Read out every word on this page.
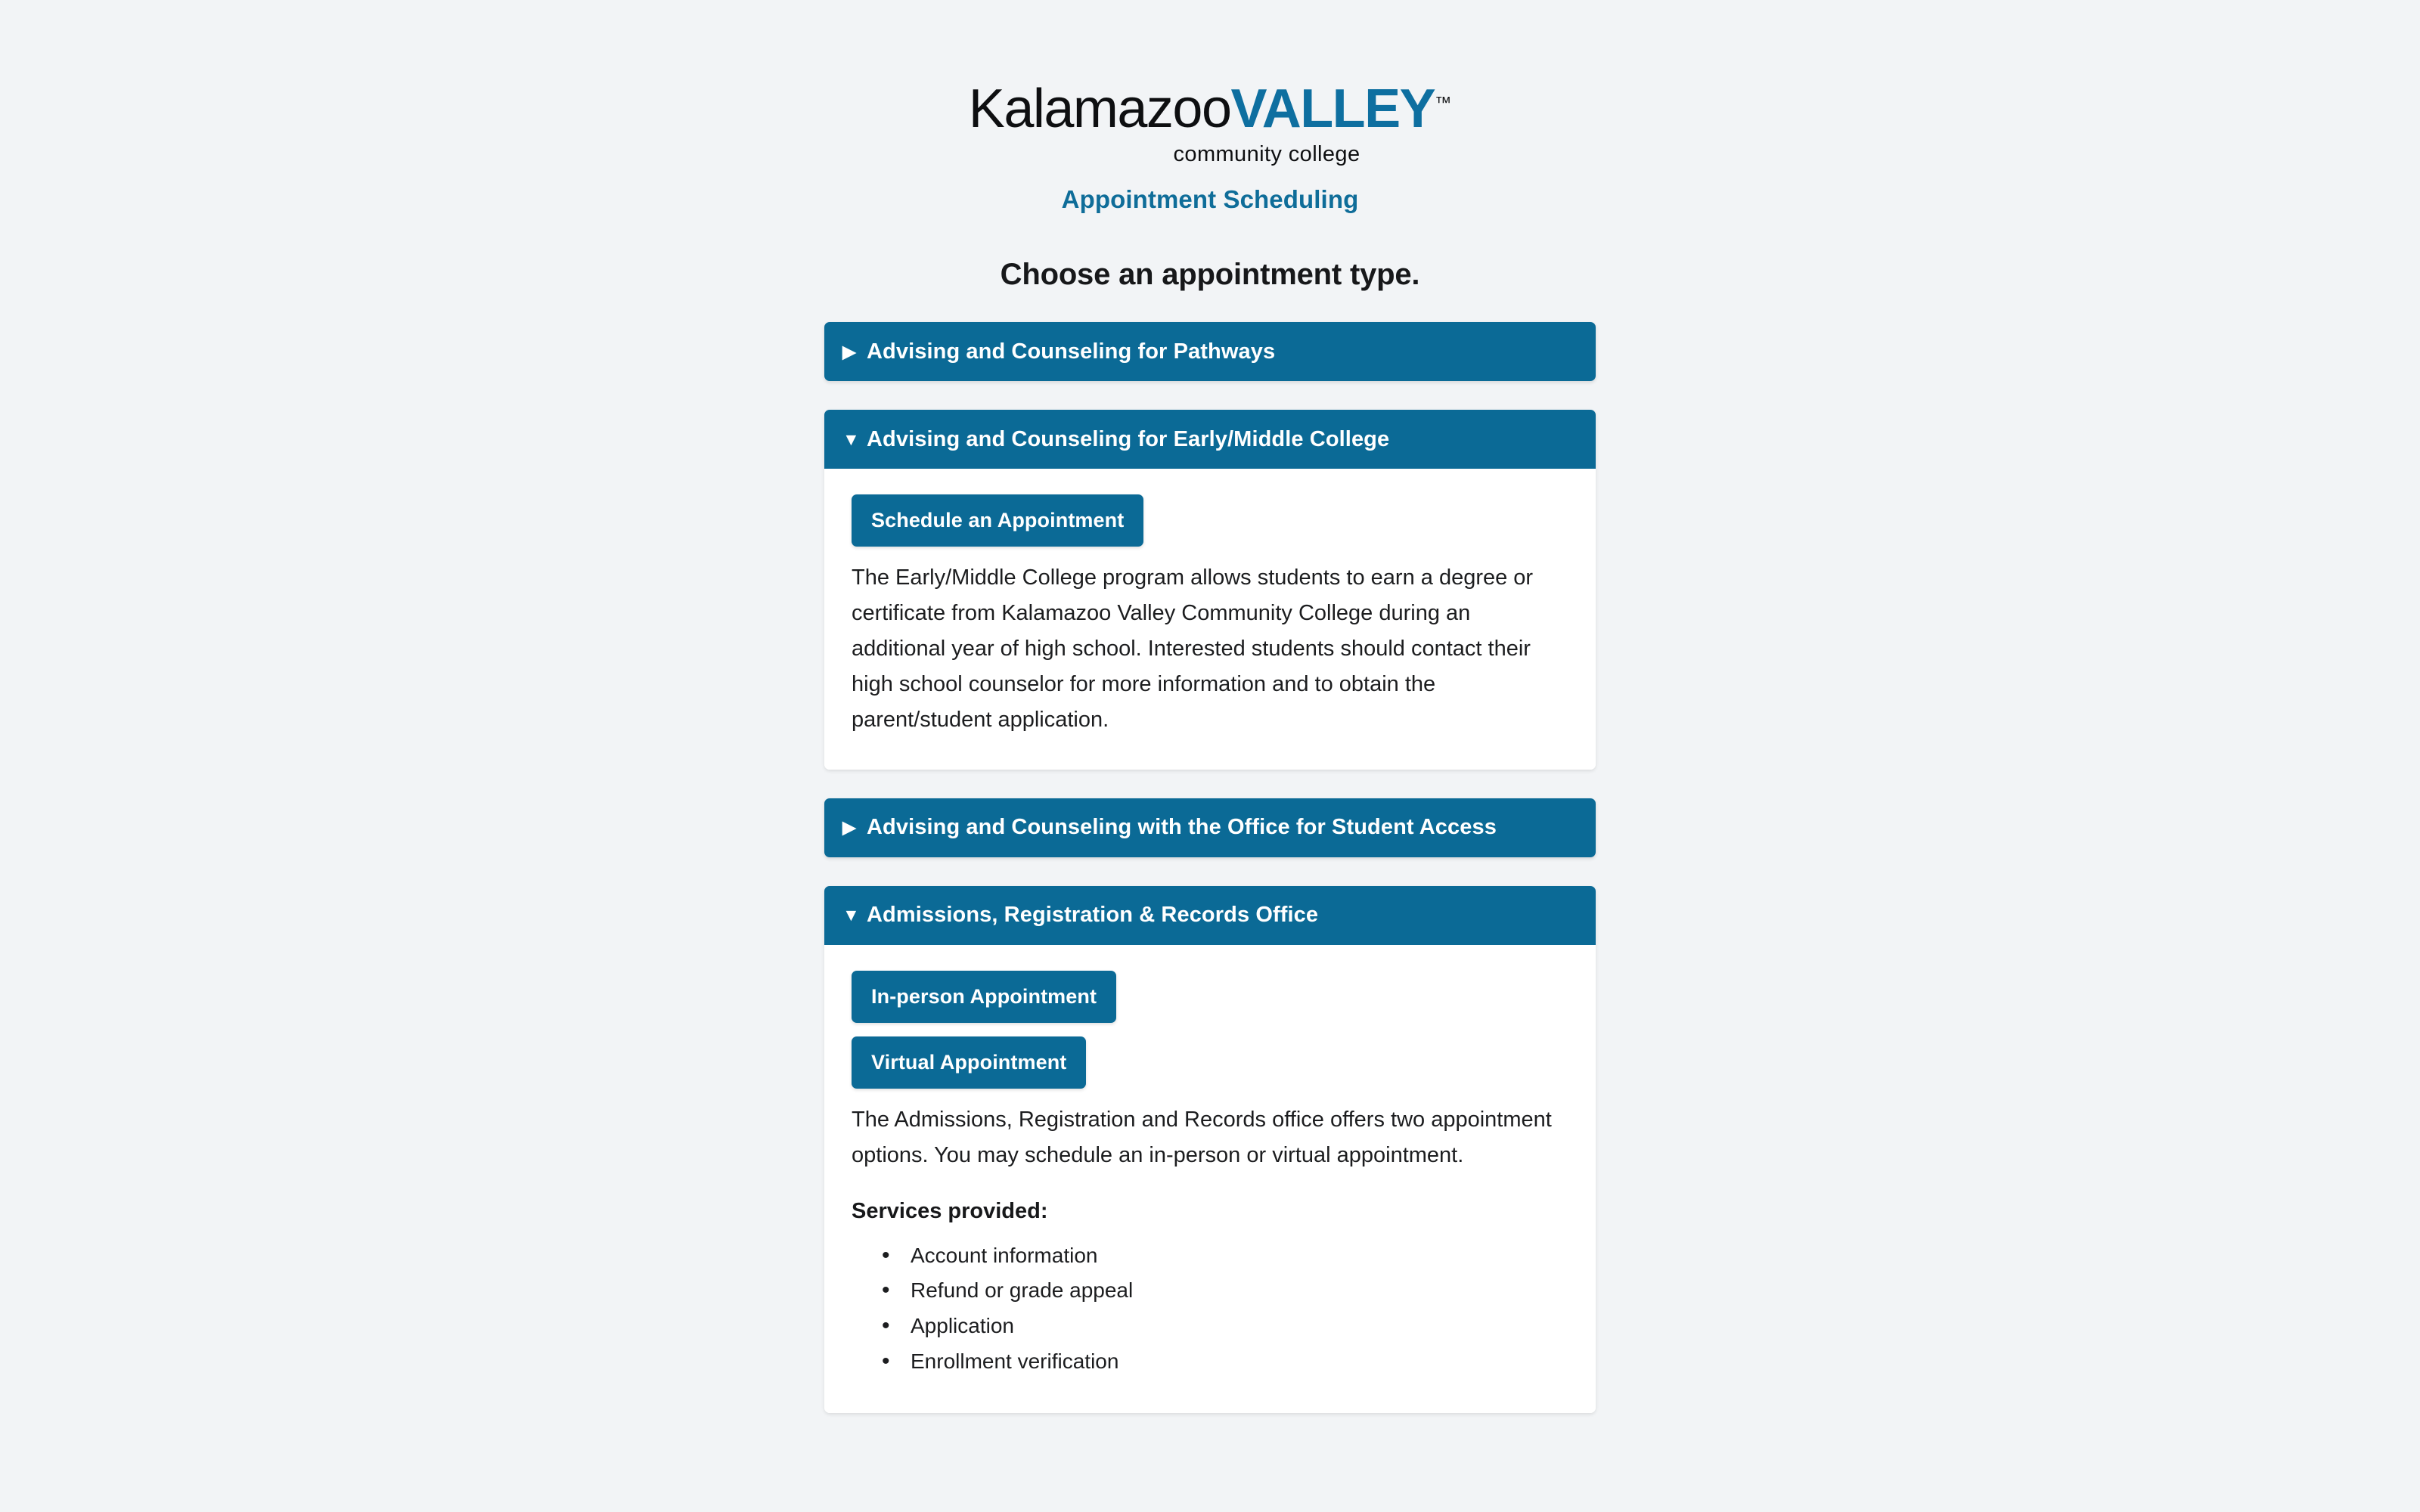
KalamazooVALLEY™
community college
Appointment Scheduling
Choose an appointment type.
▶ Advising and Counseling for Pathways
▼ Advising and Counseling for Early/Middle College
Schedule an Appointment

The Early/Middle College program allows students to earn a degree or certificate from Kalamazoo Valley Community College during an additional year of high school. Interested students should contact their high school counselor for more information and to obtain the parent/student application.

▶ Advising and Counseling with the Office for Student Access
▼ Admissions, Registration & Records Office
In-person Appointment
Virtual Appointment

The Admissions, Registration and Records office offers two appointment options. You may schedule an in-person or virtual appointment.

Services provided:
• Account information
• Refund or grade appeal
• Application
• Enrollment verification
